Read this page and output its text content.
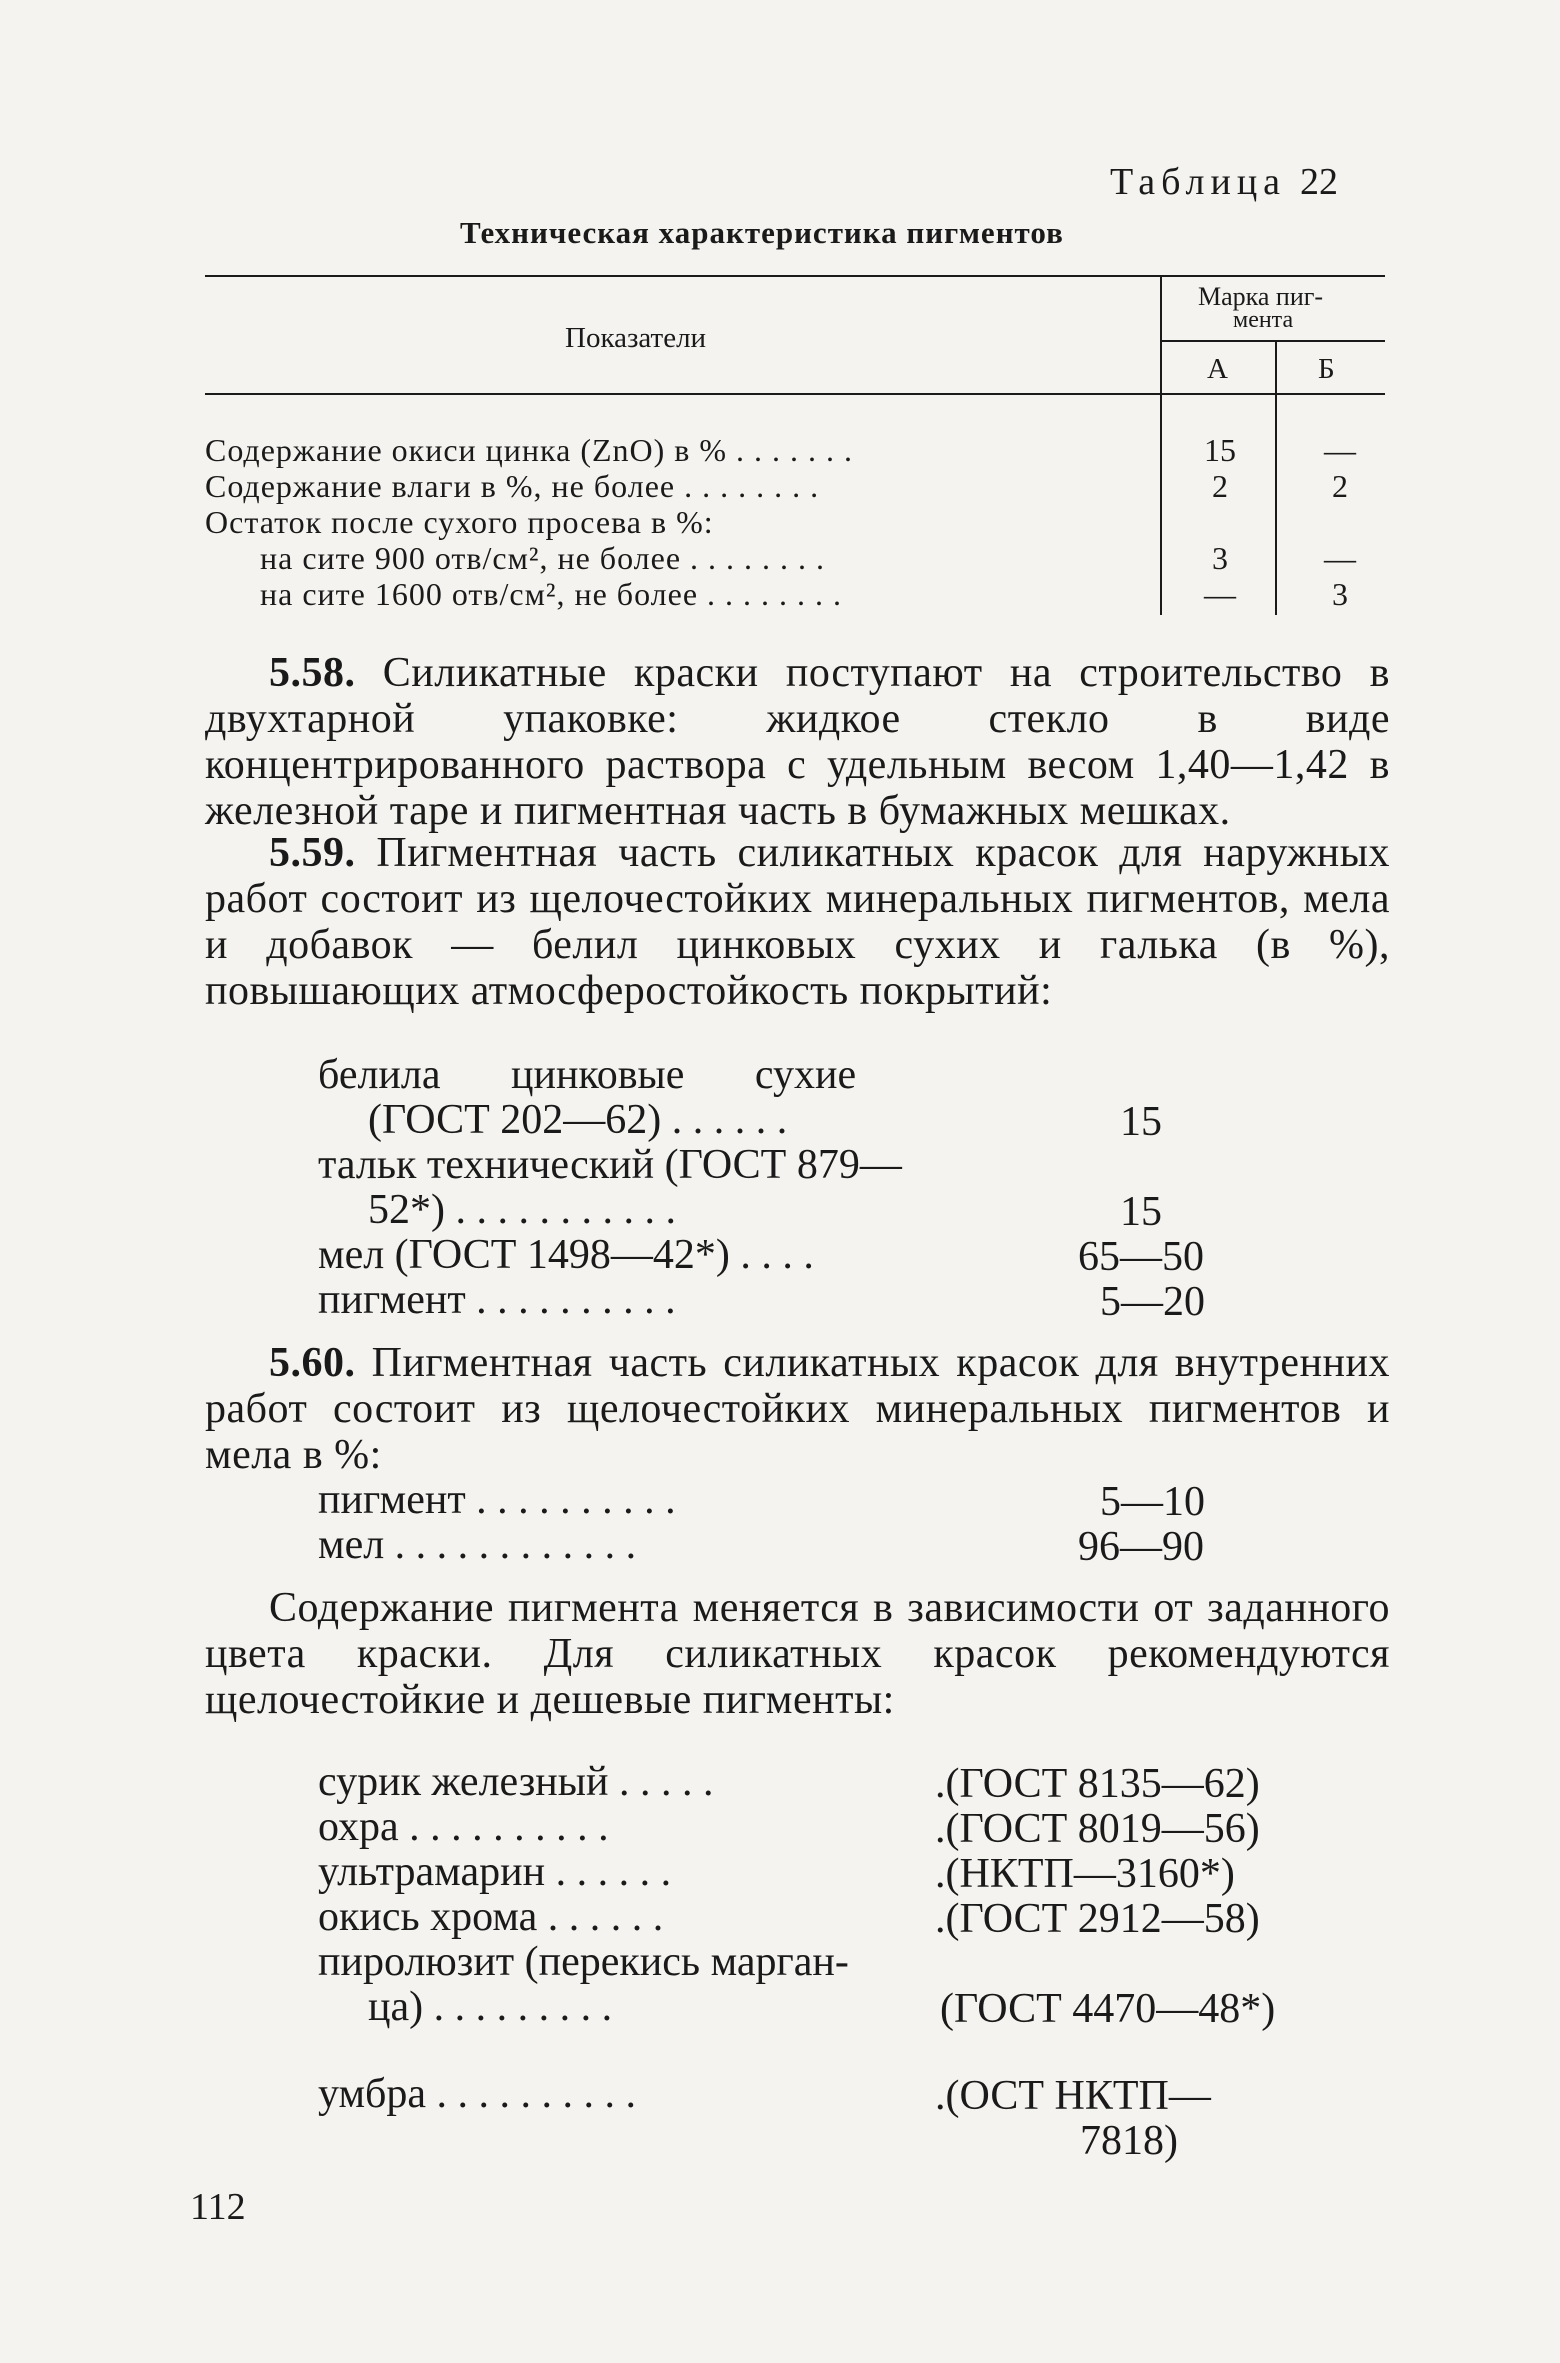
Таблица 22
Техническая характеристика пигментов
Показатели
Марка пиг-
мента
А	Б
Содержание окиси цинка (ZnO) в % . . . . . . .	15	—
Содержание влаги в %, не более . . . . . . . .	2	2
Остаток после сухого просева в %:
на сите 900 отв/см², не более . . . . . . . .	3	—
на сите 1600 отв/см², не более . . . . . . . .	—	3
5.58. Силикатные краски поступают на строительство в двухтарной упаковке: жидкое стекло в виде концентрированного раствора с удельным весом 1,40—1,42 в железной таре и пигментная часть в бумажных мешках.
5.59. Пигментная часть силикатных красок для наружных работ состоит из щелочестойких минеральных пигментов, мела и добавок — белил цинковых сухих и галька (в %), повышающих атмосферостойкость покрытий:
белила цинковые сухие
(ГОСТ 202—62) . . . . . .	15
тальк технический (ГОСТ 879—
52*) . . . . . . . . . . .	15
мел (ГОСТ 1498—42*) . . . .	65—50
пигмент . . . . . . . . . .	5—20
5.60. Пигментная часть силикатных красок для внутренних работ состоит из щелочестойких минеральных пигментов и мела в %:
пигмент . . . . . . . . . .	5—10
мел . . . . . . . . . . . .	96—90
Содержание пигмента меняется в зависимости от заданного цвета краски. Для силикатных красок рекомендуются щелочестойкие и дешевые пигменты:
сурик железный . . . . .	.(ГОСТ 8135—62)
охра . . . . . . . . . .	.(ГОСТ 8019—56)
ультрамарин . . . . . .	.(НКТП—3160*)
окись хрома . . . . . .	.(ГОСТ 2912—58)
пиролюзит (перекись марган-
ца) . . . . . . . . .	(ГОСТ 4470—48*)
умбра . . . . . . . . . .	.(ОСТ НКТП—
7818)
112
